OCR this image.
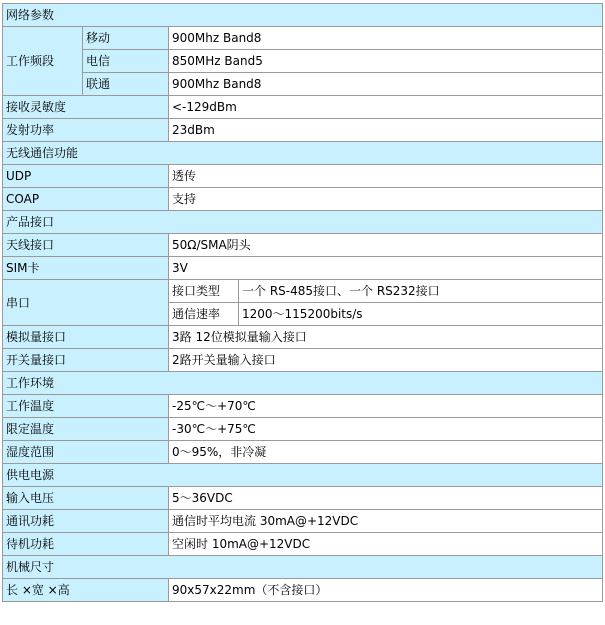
网络参数			
工作频段	移动	900Mhz Band8	
	电信	850MHz Band5	
	联通	900Mhz Band8	
接收灵敏度		<-129dBm	
发射功率		23dBm	
无线通信功能			
UDP		透传	
COAP		支持	
产品接口			
天线接口		50Ω/SMA阴头	
SIM卡		3V	
串口		接口类型	一个 RS-485接口、一个 RS232接口
		通信速率	1200～115200bits/s
模拟量接口		3路 12位模拟量输入接口	
开关量接口		2路开关量输入接口	
工作环境			
工作温度		-25℃～+70℃	
限定温度		-30℃～+75℃	
湿度范围		0～95%，非冷凝	
供电电源			
输入电压		5～36VDC	
通讯功耗		通信时平均电流 30mA@+12VDC	
待机功耗		空闲时 10mA@+12VDC	
机械尺寸			
长 ×宽 ×高		90x57x22mm（不含接口）	
